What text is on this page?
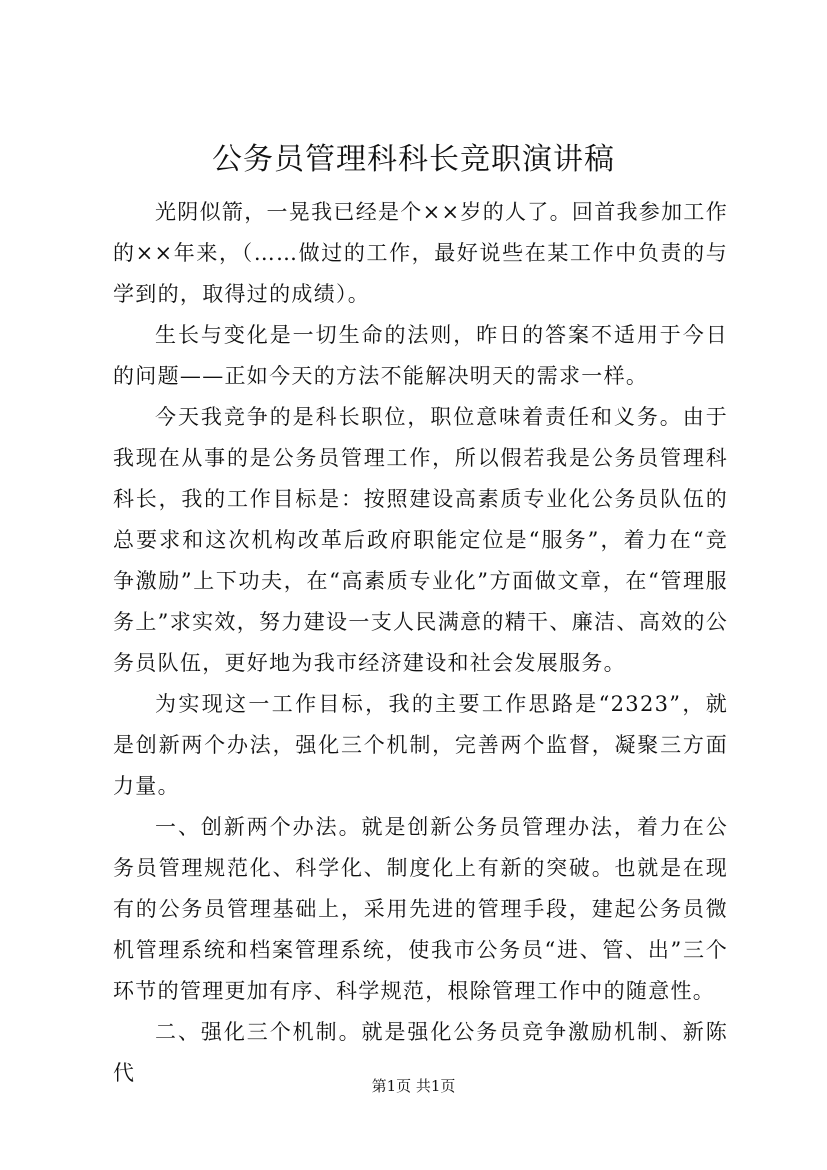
公务员管理科科长竞职演讲稿

光阴似箭，一晃我已经是个××岁的人了。回首我参加工作的××年来，（……做过的工作，最好说些在某工作中负责的与学到的，取得过的成绩）。

生长与变化是一切生命的法则，昨日的答案不适用于今日的问题——正如今天的方法不能解决明天的需求一样。

今天我竞争的是科长职位，职位意味着责任和义务。由于我现在从事的是公务员管理工作，所以假若我是公务员管理科科长，我的工作目标是：按照建设高素质专业化公务员队伍的总要求和这次机构改革后政府职能定位是“服务”，着力在“竞争激励”上下功夫，在“高素质专业化”方面做文章，在“管理服务上”求实效，努力建设一支人民满意的精干、廉洁、高效的公务员队伍，更好地为我市经济建设和社会发展服务。

为实现这一工作目标，我的主要工作思路是“2323”，就是创新两个办法，强化三个机制，完善两个监督，凝聚三方面力量。

一、创新两个办法。就是创新公务员管理办法，着力在公务员管理规范化、科学化、制度化上有新的突破。也就是在现有的公务员管理基础上，采用先进的管理手段，建起公务员微机管理系统和档案管理系统，使我市公务员“进、管、出”三个环节的管理更加有序、科学规范，根除管理工作中的随意性。

二、强化三个机制。就是强化公务员竞争激励机制、新陈代

第1页 共1页
